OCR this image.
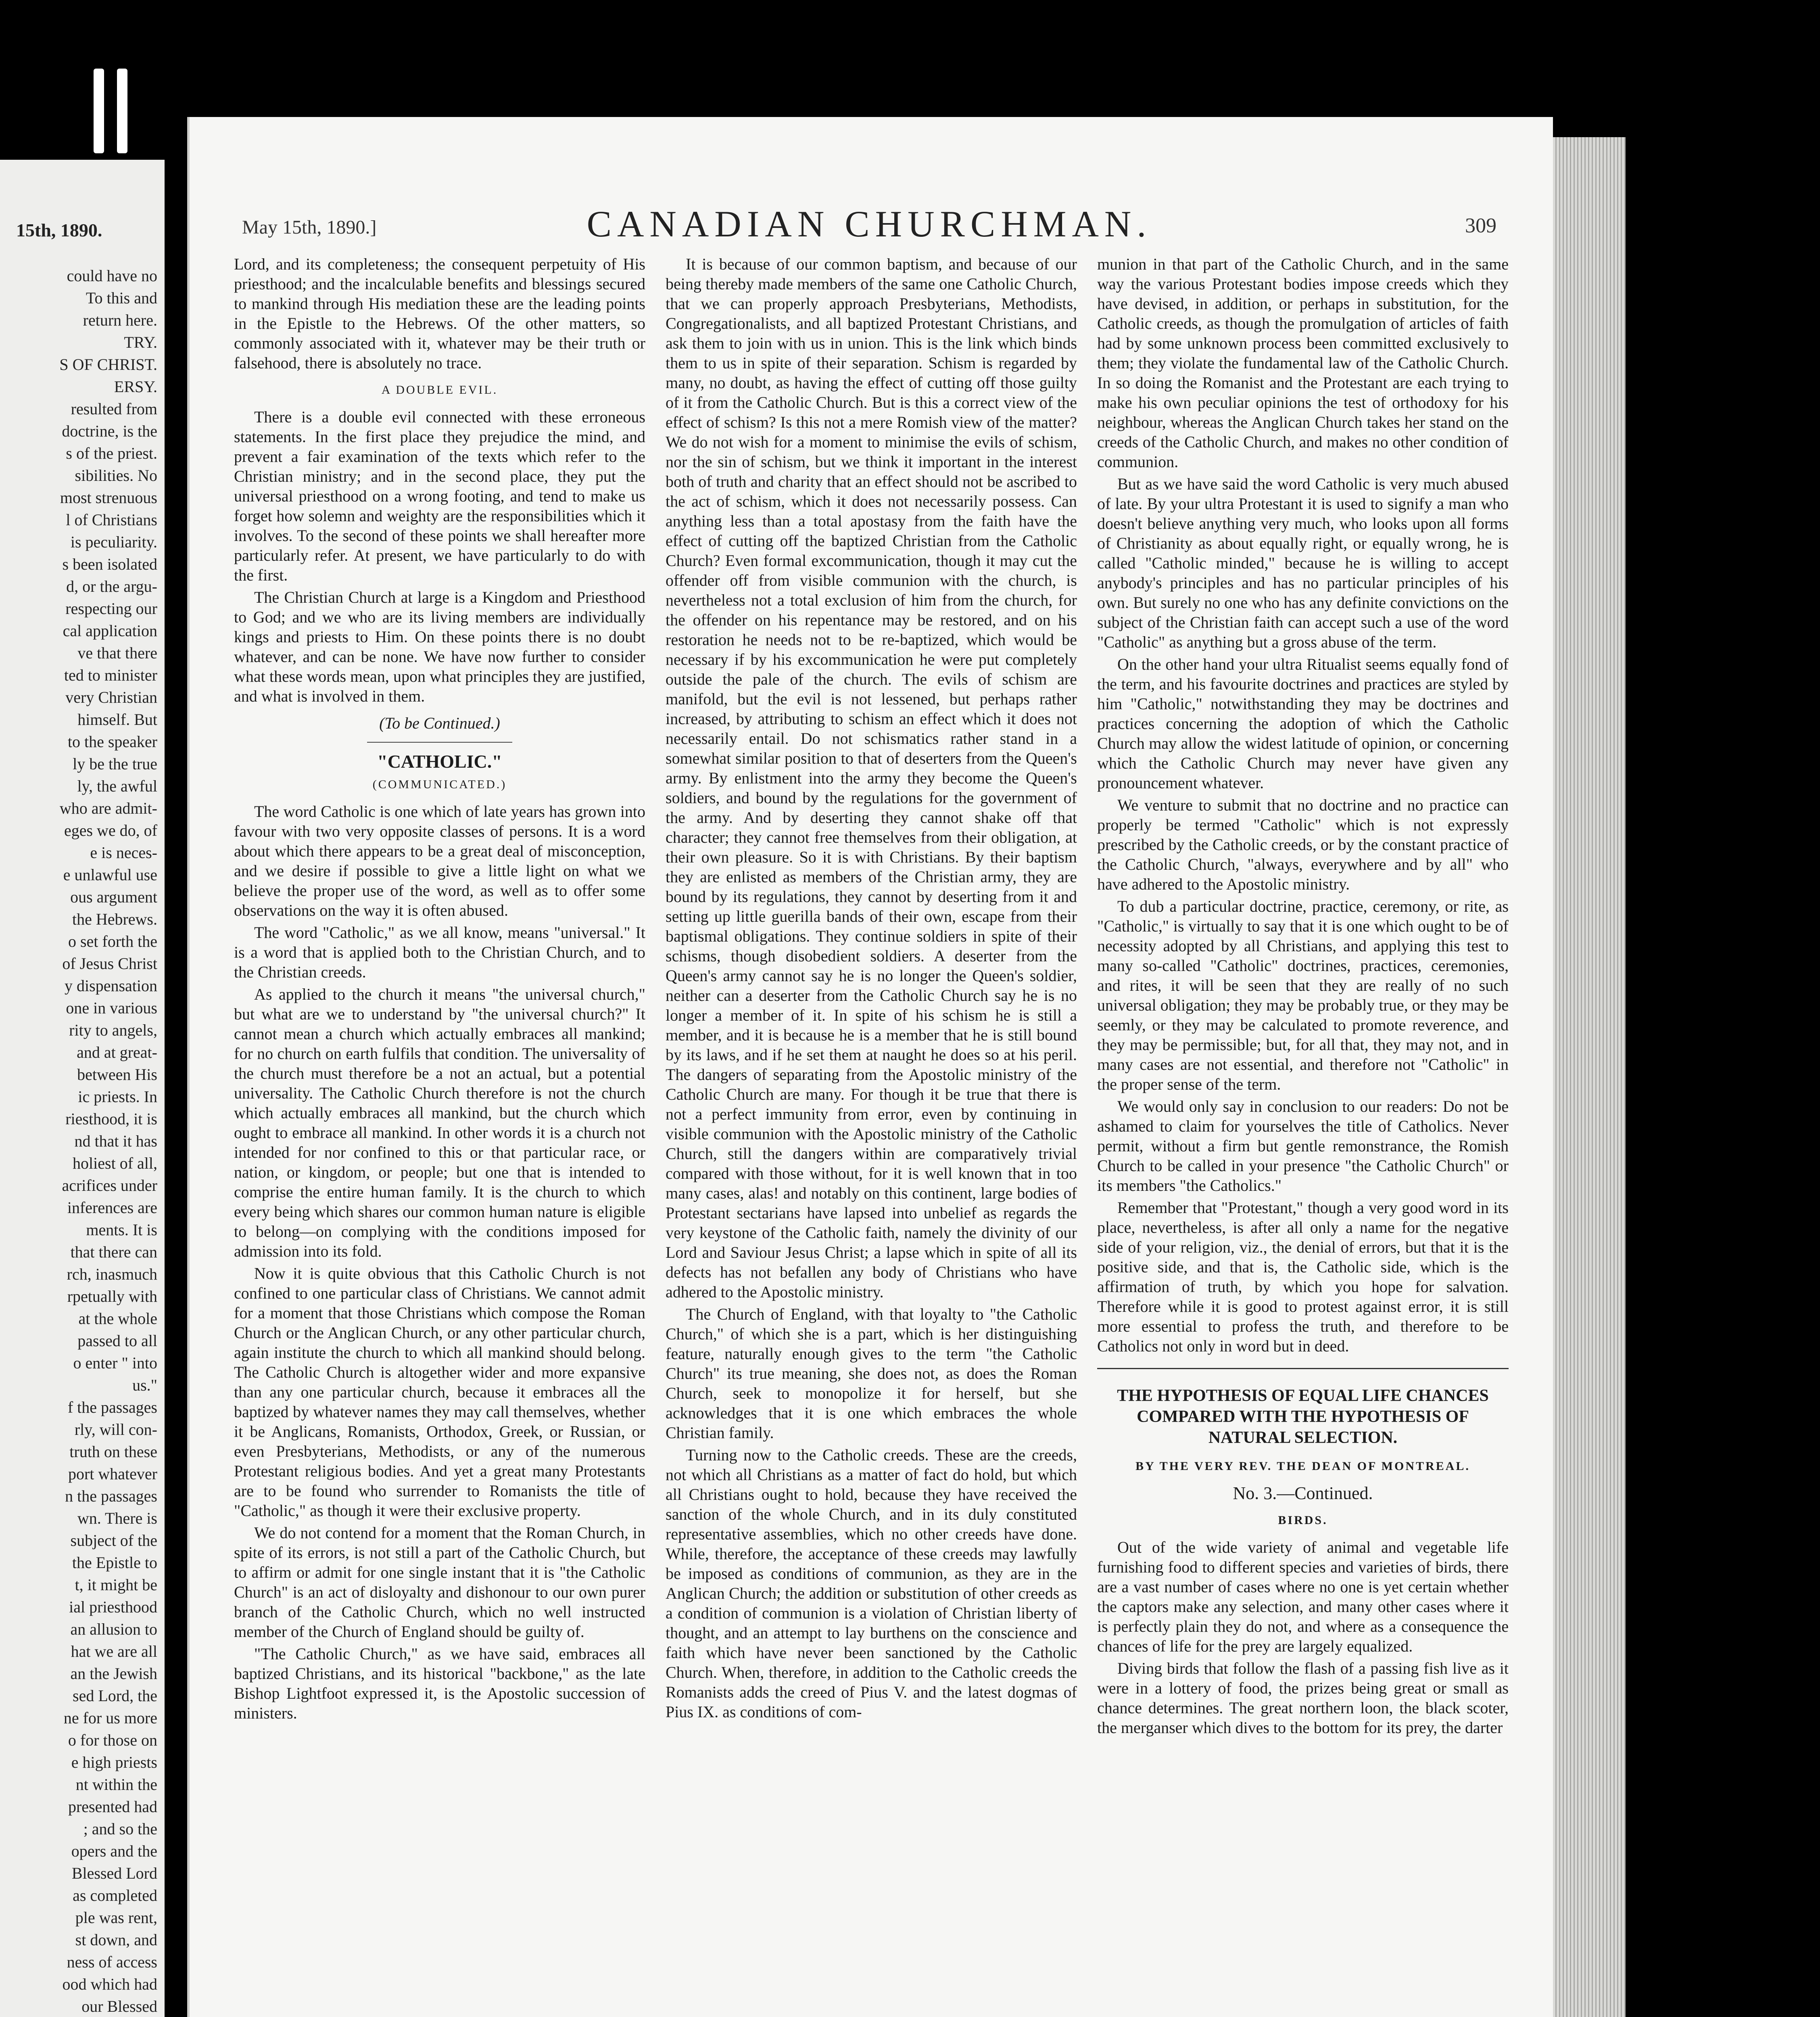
15th, 1890.
could have no
To this and
return here.
TRY.
S OF CHRIST.
ERSY.
resulted from
doctrine, is the
s of the priest.
sibilities. No
most strenuous
l of Christians
is peculiarity.
s been isolated
d, or the argu-
respecting our
cal application
ve that there
ted to minister
very Christian
himself. But
to the speaker
ly be the true
ly, the awful
who are admit-
eges we do, of
e is neces-
e unlawful use
ous argument
the Hebrews.
o set forth the
of Jesus Christ
y dispensation
one in various
rity to angels,
and at great-
between His
ic priests. In
riesthood, it is
nd that it has
holiest of all,
acrifices under
inferences are
ments. It is
that there can
rch, inasmuch
rpetually with
at the whole
passed to all
o enter " into
us."
f the passages
rly, will con-
truth on these
port whatever
n the passages
wn. There is
subject of the
the Epistle to
t, it might be
ial priesthood
an allusion to
hat we are all
an the Jewish
sed Lord, the
ne for us more
o for those on
e high priests
nt within the
presented had
; and so the
opers and the
Blessed Lord
as completed
ple was rent,
st down, and
ness of access
ood which had
our Blessed
May 15th, 1890.]	CANADIAN CHURCHMAN.	309

Lord, and its completeness; the consequent perpetuity of His priesthood; and the incalculable benefits and blessings secured to mankind through His mediation these are the leading points in the Epistle to the Hebrews. Of the other matters, so commonly associated with it, whatever may be their truth or falsehood, there is absolutely no trace.

A DOUBLE EVIL.

There is a double evil connected with these erroneous statements. In the first place they prejudice the mind, and prevent a fair examination of the texts which refer to the Christian ministry; and in the second place, they put the universal priesthood on a wrong footing, and tend to make us forget how solemn and weighty are the responsibilities which it involves. To the second of these points we shall hereafter more particularly refer. At present, we have particularly to do with the first.

The Christian Church at large is a Kingdom and Priesthood to God; and we who are its living members are individually kings and priests to Him. On these points there is no doubt whatever, and can be none. We have now further to consider what these words mean, upon what principles they are justified, and what is involved in them.

(To be Continued.)

"CATHOLIC."

(COMMUNICATED.)

The word Catholic is one which of late years has grown into favour with two very opposite classes of persons. It is a word about which there appears to be a great deal of misconception, and we desire if possible to give a little light on what we believe the proper use of the word, as well as to offer some observations on the way it is often abused.

The word "Catholic," as we all know, means "universal." It is a word that is applied both to the Christian Church, and to the Christian creeds.

As applied to the church it means "the universal church," but what are we to understand by "the universal church?" It cannot mean a church which actually embraces all mankind; for no church on earth fulfils that condition. The universality of the church must therefore be a not an actual, but a potential universality. The Catholic Church therefore is not the church which actually embraces all mankind, but the church which ought to embrace all mankind. In other words it is a church not intended for nor confined to this or that particular race, or nation, or kingdom, or people; but one that is intended to comprise the entire human family. It is the church to which every being which shares our common human nature is eligible to belong—on complying with the conditions imposed for admission into its fold.

Now it is quite obvious that this Catholic Church is not confined to one particular class of Christians. We cannot admit for a moment that those Christians which compose the Roman Church or the Anglican Church, or any other particular church, again institute the church to which all mankind should belong. The Catholic Church is altogether wider and more expansive than any one particular church, because it embraces all the baptized by whatever names they may call themselves, whether it be Anglicans, Romanists, Orthodox, Greek, or Russian, or even Presbyterians, Methodists, or any of the numerous Protestant religious bodies. And yet a great many Protestants are to be found who surrender to Romanists the title of "Catholic," as though it were their exclusive property.

We do not contend for a moment that the Roman Church, in spite of its errors, is not still a part of the Catholic Church, but to affirm or admit for one single instant that it is "the Catholic Church" is an act of disloyalty and dishonour to our own purer branch of the Catholic Church, which no well instructed member of the Church of England should be guilty of.

"The Catholic Church," as we have said, embraces all baptized Christians, and its historical "backbone," as the late Bishop Lightfoot expressed it, is the Apostolic succession of ministers.

It is because of our common baptism, and because of our being thereby made members of the same one Catholic Church, that we can properly approach Presbyterians, Methodists, Congregationalists, and all baptized Protestant Christians, and ask them to join with us in union. This is the link which binds them to us in spite of their separation. Schism is regarded by many, no doubt, as having the effect of cutting off those guilty of it from the Catholic Church. But is this a correct view of the effect of schism? Is this not a mere Romish view of the matter? We do not wish for a moment to minimise the evils of schism, nor the sin of schism, but we think it important in the interest both of truth and charity that an effect should not be ascribed to the act of schism, which it does not necessarily possess. Can anything less than a total apostasy from the faith have the effect of cutting off the baptized Christian from the Catholic Church? Even formal excommunication, though it may cut the offender off from visible communion with the church, is nevertheless not a total exclusion of him from the church, for the offender on his repentance may be restored, and on his restoration he needs not to be re-baptized, which would be necessary if by his excommunication he were put completely outside the pale of the church. The evils of schism are manifold, but the evil is not lessened, but perhaps rather increased, by attributing to schism an effect which it does not necessarily entail. Do not schismatics rather stand in a somewhat similar position to that of deserters from the Queen's army. By enlistment into the army they become the Queen's soldiers, and bound by the regulations for the government of the army. And by deserting they cannot shake off that character; they cannot free themselves from their obligation, at their own pleasure. So it is with Christians. By their baptism they are enlisted as members of the Christian army, they are bound by its regulations, they cannot by deserting from it and setting up little guerilla bands of their own, escape from their baptismal obligations. They continue soldiers in spite of their schisms, though disobedient soldiers. A deserter from the Queen's army cannot say he is no longer the Queen's soldier, neither can a deserter from the Catholic Church say he is no longer a member of it. In spite of his schism he is still a member, and it is because he is a member that he is still bound by its laws, and if he set them at naught he does so at his peril. The dangers of separating from the Apostolic ministry of the Catholic Church are many. For though it be true that there is not a perfect immunity from error, even by continuing in visible communion with the Apostolic ministry of the Catholic Church, still the dangers within are comparatively trivial compared with those without, for it is well known that in too many cases, alas! and notably on this continent, large bodies of Protestant sectarians have lapsed into unbelief as regards the very keystone of the Catholic faith, namely the divinity of our Lord and Saviour Jesus Christ; a lapse which in spite of all its defects has not befallen any body of Christians who have adhered to the Apostolic ministry.

The Church of England, with that loyalty to "the Catholic Church," of which she is a part, which is her distinguishing feature, naturally enough gives to the term "the Catholic Church" its true meaning, she does not, as does the Roman Church, seek to monopolize it for herself, but she acknowledges that it is one which embraces the whole Christian family.

Turning now to the Catholic creeds. These are the creeds, not which all Christians as a matter of fact do hold, but which all Christians ought to hold, because they have received the sanction of the whole Church, and in its duly constituted representative assemblies, which no other creeds have done. While, therefore, the acceptance of these creeds may lawfully be imposed as conditions of communion, as they are in the Anglican Church; the addition or substitution of other creeds as a condition of communion is a violation of Christian liberty of thought, and an attempt to lay burthens on the conscience and faith which have never been sanctioned by the Catholic Church. When, therefore, in addition to the Catholic creeds the Romanists adds the creed of Pius V. and the latest dogmas of Pius IX. as conditions of com-

munion in that part of the Catholic Church, and in the same way the various Protestant bodies impose creeds which they have devised, in addition, or perhaps in substitution, for the Catholic creeds, as though the promulgation of articles of faith had by some unknown process been committed exclusively to them; they violate the fundamental law of the Catholic Church. In so doing the Romanist and the Protestant are each trying to make his own peculiar opinions the test of orthodoxy for his neighbour, whereas the Anglican Church takes her stand on the creeds of the Catholic Church, and makes no other condition of communion.

But as we have said the word Catholic is very much abused of late. By your ultra Protestant it is used to signify a man who doesn't believe anything very much, who looks upon all forms of Christianity as about equally right, or equally wrong, he is called "Catholic minded," because he is willing to accept anybody's principles and has no particular principles of his own. But surely no one who has any definite convictions on the subject of the Christian faith can accept such a use of the word "Catholic" as anything but a gross abuse of the term.

On the other hand your ultra Ritualist seems equally fond of the term, and his favourite doctrines and practices are styled by him "Catholic," notwithstanding they may be doctrines and practices concerning the adoption of which the Catholic Church may allow the widest latitude of opinion, or concerning which the Catholic Church may never have given any pronouncement whatever.

We venture to submit that no doctrine and no practice can properly be termed "Catholic" which is not expressly prescribed by the Catholic creeds, or by the constant practice of the Catholic Church, "always, everywhere and by all" who have adhered to the Apostolic ministry.

To dub a particular doctrine, practice, ceremony, or rite, as "Catholic," is virtually to say that it is one which ought to be of necessity adopted by all Christians, and applying this test to many so-called "Catholic" doctrines, practices, ceremonies, and rites, it will be seen that they are really of no such universal obligation; they may be probably true, or they may be seemly, or they may be calculated to promote reverence, and they may be permissible; but, for all that, they may not, and in many cases are not essential, and therefore not "Catholic" in the proper sense of the term.

We would only say in conclusion to our readers: Do not be ashamed to claim for yourselves the title of Catholics. Never permit, without a firm but gentle remonstrance, the Romish Church to be called in your presence "the Catholic Church" or its members "the Catholics."

Remember that "Protestant," though a very good word in its place, nevertheless, is after all only a name for the negative side of your religion, viz., the denial of errors, but that it is the positive side, and that is, the Catholic side, which is the affirmation of truth, by which you hope for salvation. Therefore while it is good to protest against error, it is still more essential to profess the truth, and therefore to be Catholics not only in word but in deed.

THE HYPOTHESIS OF EQUAL LIFE CHANCES COMPARED WITH THE HYPOTHESIS OF NATURAL SELECTION.

BY THE VERY REV. THE DEAN OF MONTREAL.

No. 3.—Continued.

BIRDS.

Out of the wide variety of animal and vegetable life furnishing food to different species and varieties of birds, there are a vast number of cases where no one is yet certain whether the captors make any selection, and many other cases where it is perfectly plain they do not, and where as a consequence the chances of life for the prey are largely equalized.

Diving birds that follow the flash of a passing fish live as it were in a lottery of food, the prizes being great or small as chance determines. The great northern loon, the black scoter, the merganser which dives to the bottom for its prey, the darter
